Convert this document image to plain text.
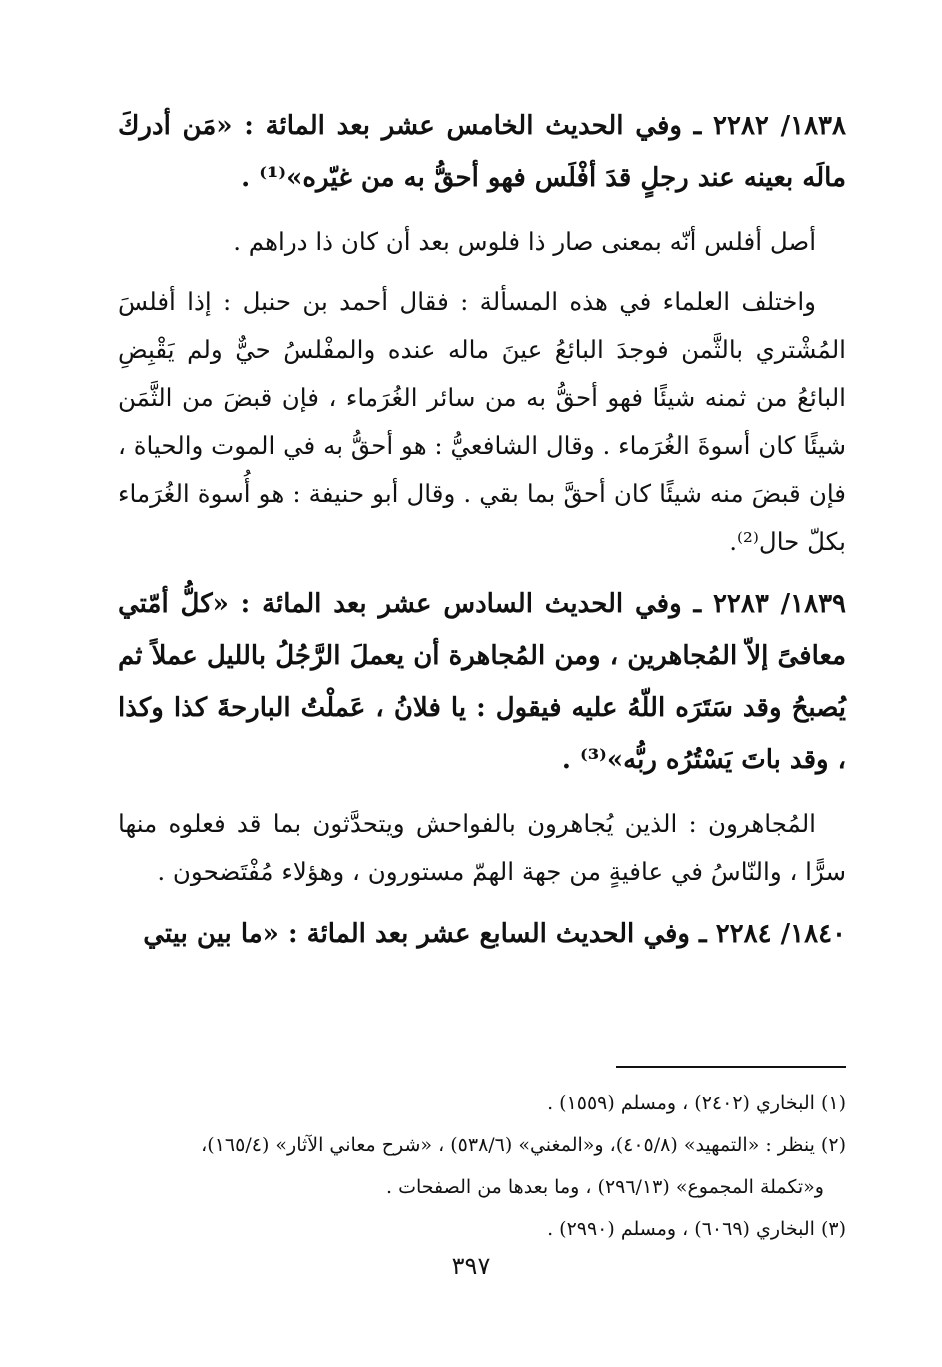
١٨٣٨/ ٢٢٨٢ ـ وفي الحديث الخامس عشر بعد المائة : «مَن أدركَ مالَه بعينه عند رجلٍ قدَ أفْلَس فهو أحقُّ به من غيّره»⁽¹⁾ .

أصل أفلس أنّه بمعنى صار ذا فلوس بعد أن كان ذا دراهم .

واختلف العلماء في هذه المسألة : فقال أحمد بن حنبل : إذا أفلسَ المُشْتري بالثَّمن فوجدَ البائعُ عينَ ماله عنده والمفْلسُ حيٌّ ولم يَقْبِضِ البائعُ من ثمنه شيئًا فهو أحقُّ به من سائر الغُرَماء ، فإن قبضَ من الثَّمَن شيئًا كان أسوةَ الغُرَماء . وقال الشافعيُّ : هو أحقُّ به في الموت والحياة ، فإن قبضَ منه شيئًا كان أحقَّ بما بقي . وقال أبو حنيفة : هو أُسوة الغُرَماء بكلّ حال⁽²⁾.

١٨٣٩/ ٢٢٨٣ ـ وفي الحديث السادس عشر بعد المائة : «كلُّ أمّتي معافىً إلاّ المُجاهرين ، ومن المُجاهرة أن يعملَ الرَّجُلُ بالليل عملاً ثم يُصبحُ وقد سَتَرَه اللّهُ عليه فيقول : يا فلانُ ، عَملْتُ البارحةَ كذا وكذا ، وقد باتَ يَسْتُرُه ربُّه»⁽³⁾ .

المُجاهرون : الذين يُجاهرون بالفواحش ويتحدَّثون بما قد فعلوه منها سرًّا ، والنّاسُ في عافيةٍ من جهة الهمّ مستورون ، وهؤلاء مُفْتَضحون .

١٨٤٠/ ٢٢٨٤ ـ وفي الحديث السابع عشر بعد المائة : «ما بين بيتي

(١) البخاري (٢٤٠٢) ، ومسلم (١٥٥٩) .

(٢) ينظر : «التمهيد» (٤٠٥/٨)، و«المغني» (٥٣٨/٦) ، «شرح معاني الآثار» (١٦٥/٤)،

و«تكملة المجموع» (٢٩٦/١٣) ، وما بعدها من الصفحات .

(٣) البخاري (٦٠٦٩) ، ومسلم (٢٩٩٠) .

٣٩٧
